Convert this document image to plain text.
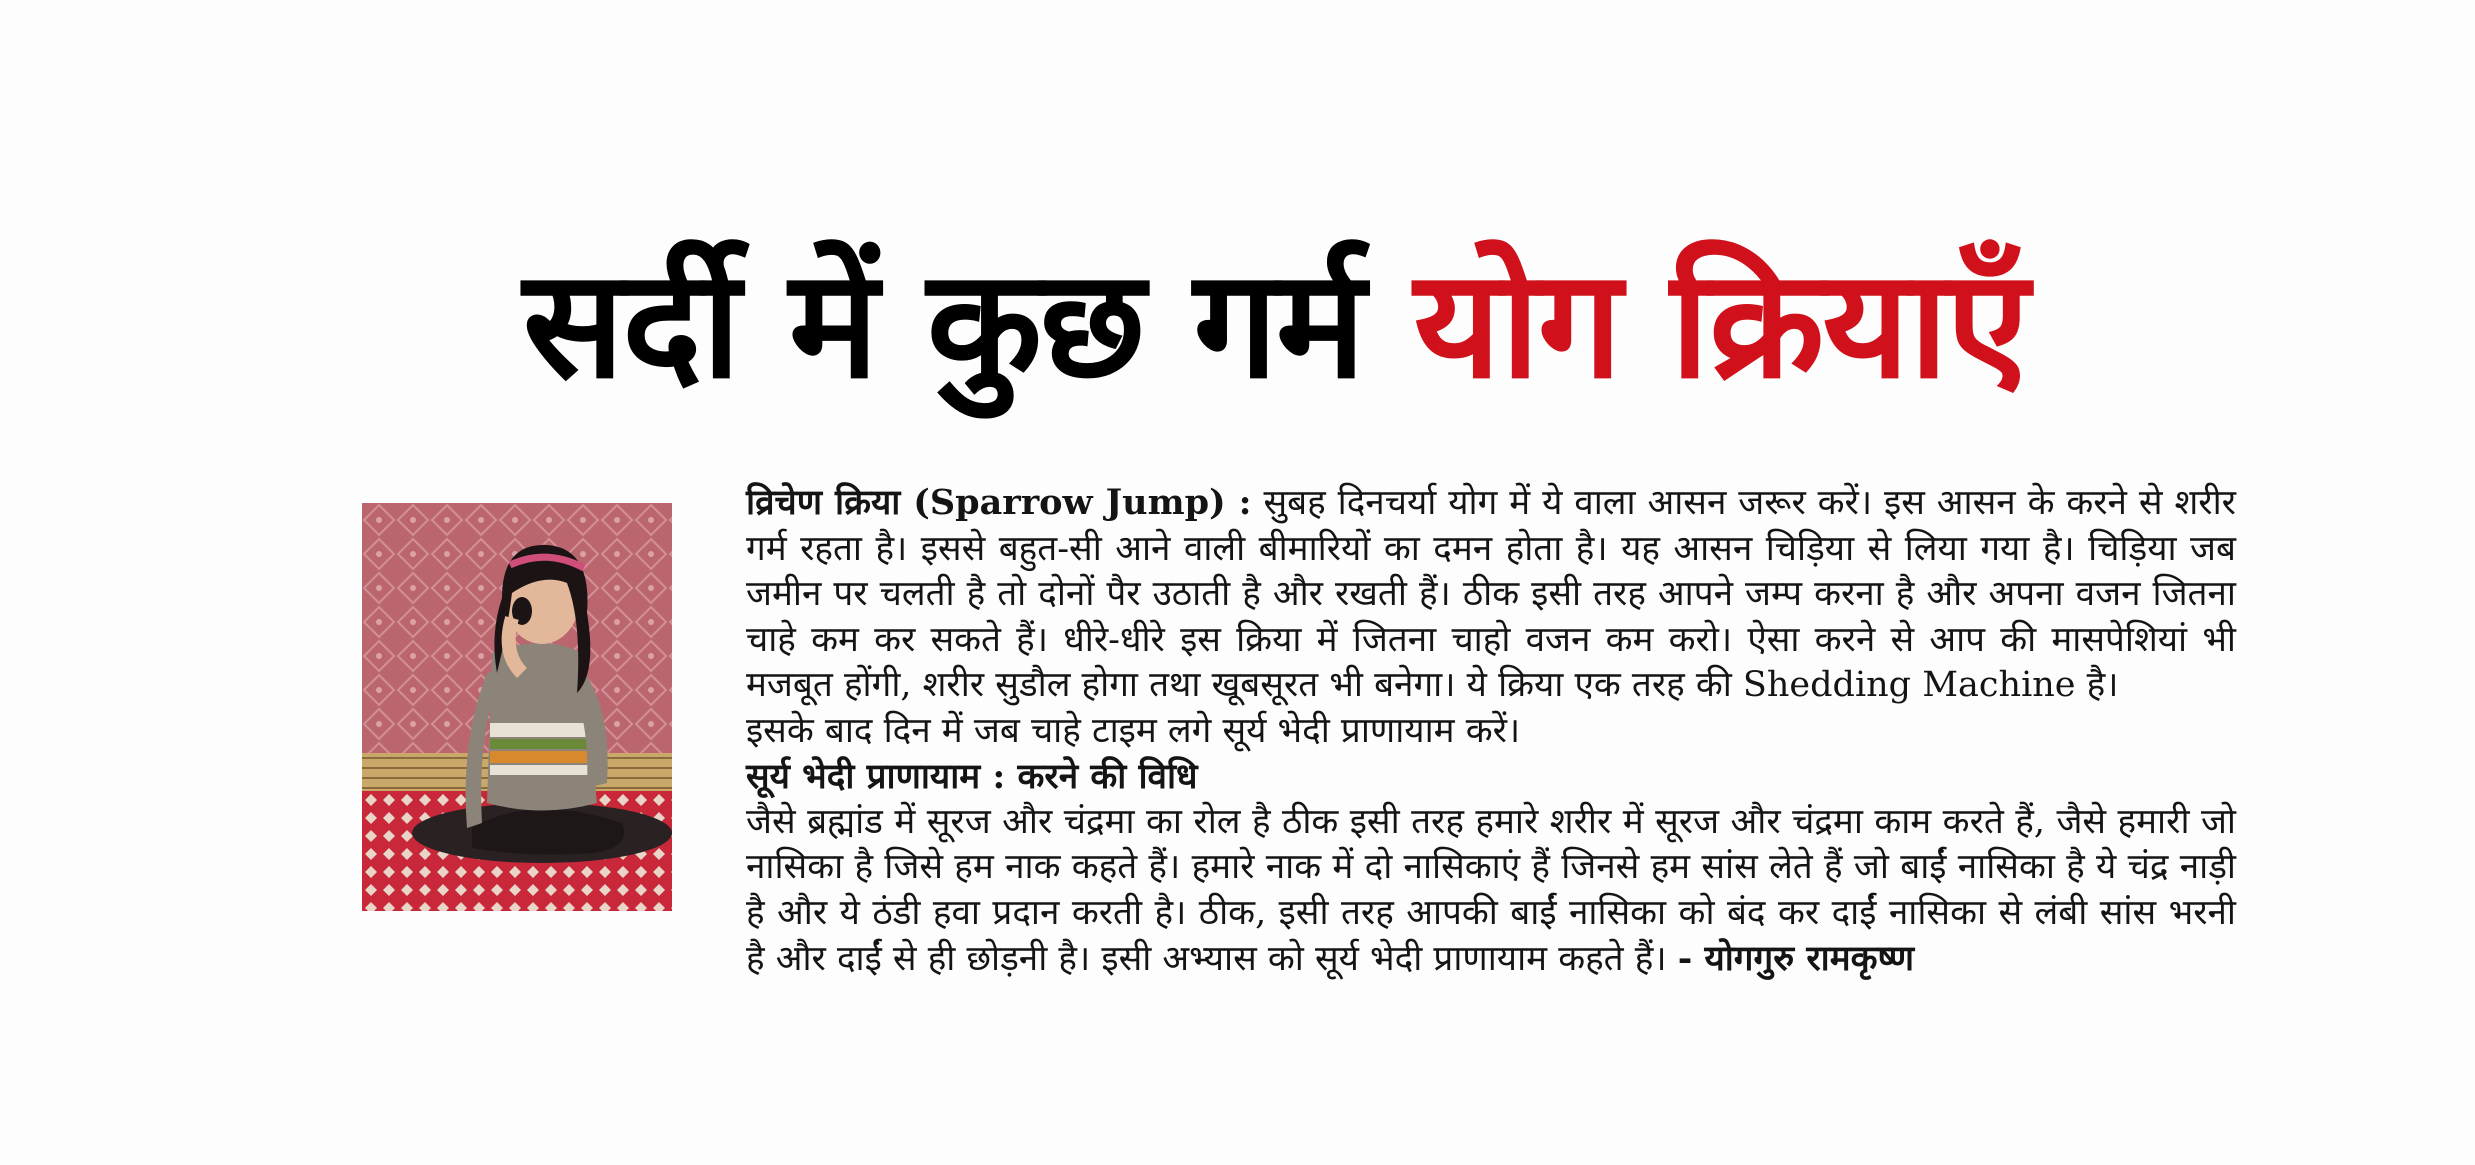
सर्दी में कुछ गर्म योग क्रियाएँ

व्रिचेण क्रिया (Sparrow Jump) : सुबह दिनचर्या योग में ये वाला आसन जरूर करें। इस आसन के करने से शरीर गर्म रहता है। इससे बहुत-सी आने वाली बीमारियों का दमन होता है। यह आसन चिड़िया से लिया गया है। चिड़िया जब जमीन पर चलती है तो दोनों पैर उठाती है और रखती हैं। ठीक इसी तरह आपने जम्प करना है और अपना वजन जितना चाहे कम कर सकते हैं। धीरे-धीरे इस क्रिया में जितना चाहो वजन कम करो। ऐसा करने से आप की मासपेशियां भी मजबूत होंगी, शरीर सुडौल होगा तथा खूबसूरत भी बनेगा। ये क्रिया एक तरह की Shedding Machine है।

इसके बाद दिन में जब चाहे टाइम लगे सूर्य भेदी प्राणायाम करें।

सूर्य भेदी प्राणायाम : करने की विधि

जैसे ब्रह्मांड में सूरज और चंद्रमा का रोल है ठीक इसी तरह हमारे शरीर में सूरज और चंद्रमा काम करते हैं, जैसे हमारी जो नासिका है जिसे हम नाक कहते हैं। हमारे नाक में दो नासिकाएं हैं जिनसे हम सांस लेते हैं जो बाईं नासिका है ये चंद्र नाड़ी है और ये ठंडी हवा प्रदान करती है। ठीक, इसी तरह आपकी बाईं नासिका को बंद कर दाईं नासिका से लंबी सांस भरनी है और दाईं से ही छोड़नी है। इसी अभ्यास को सूर्य भेदी प्राणायाम कहते हैं। - योगगुरु रामकृष्ण
